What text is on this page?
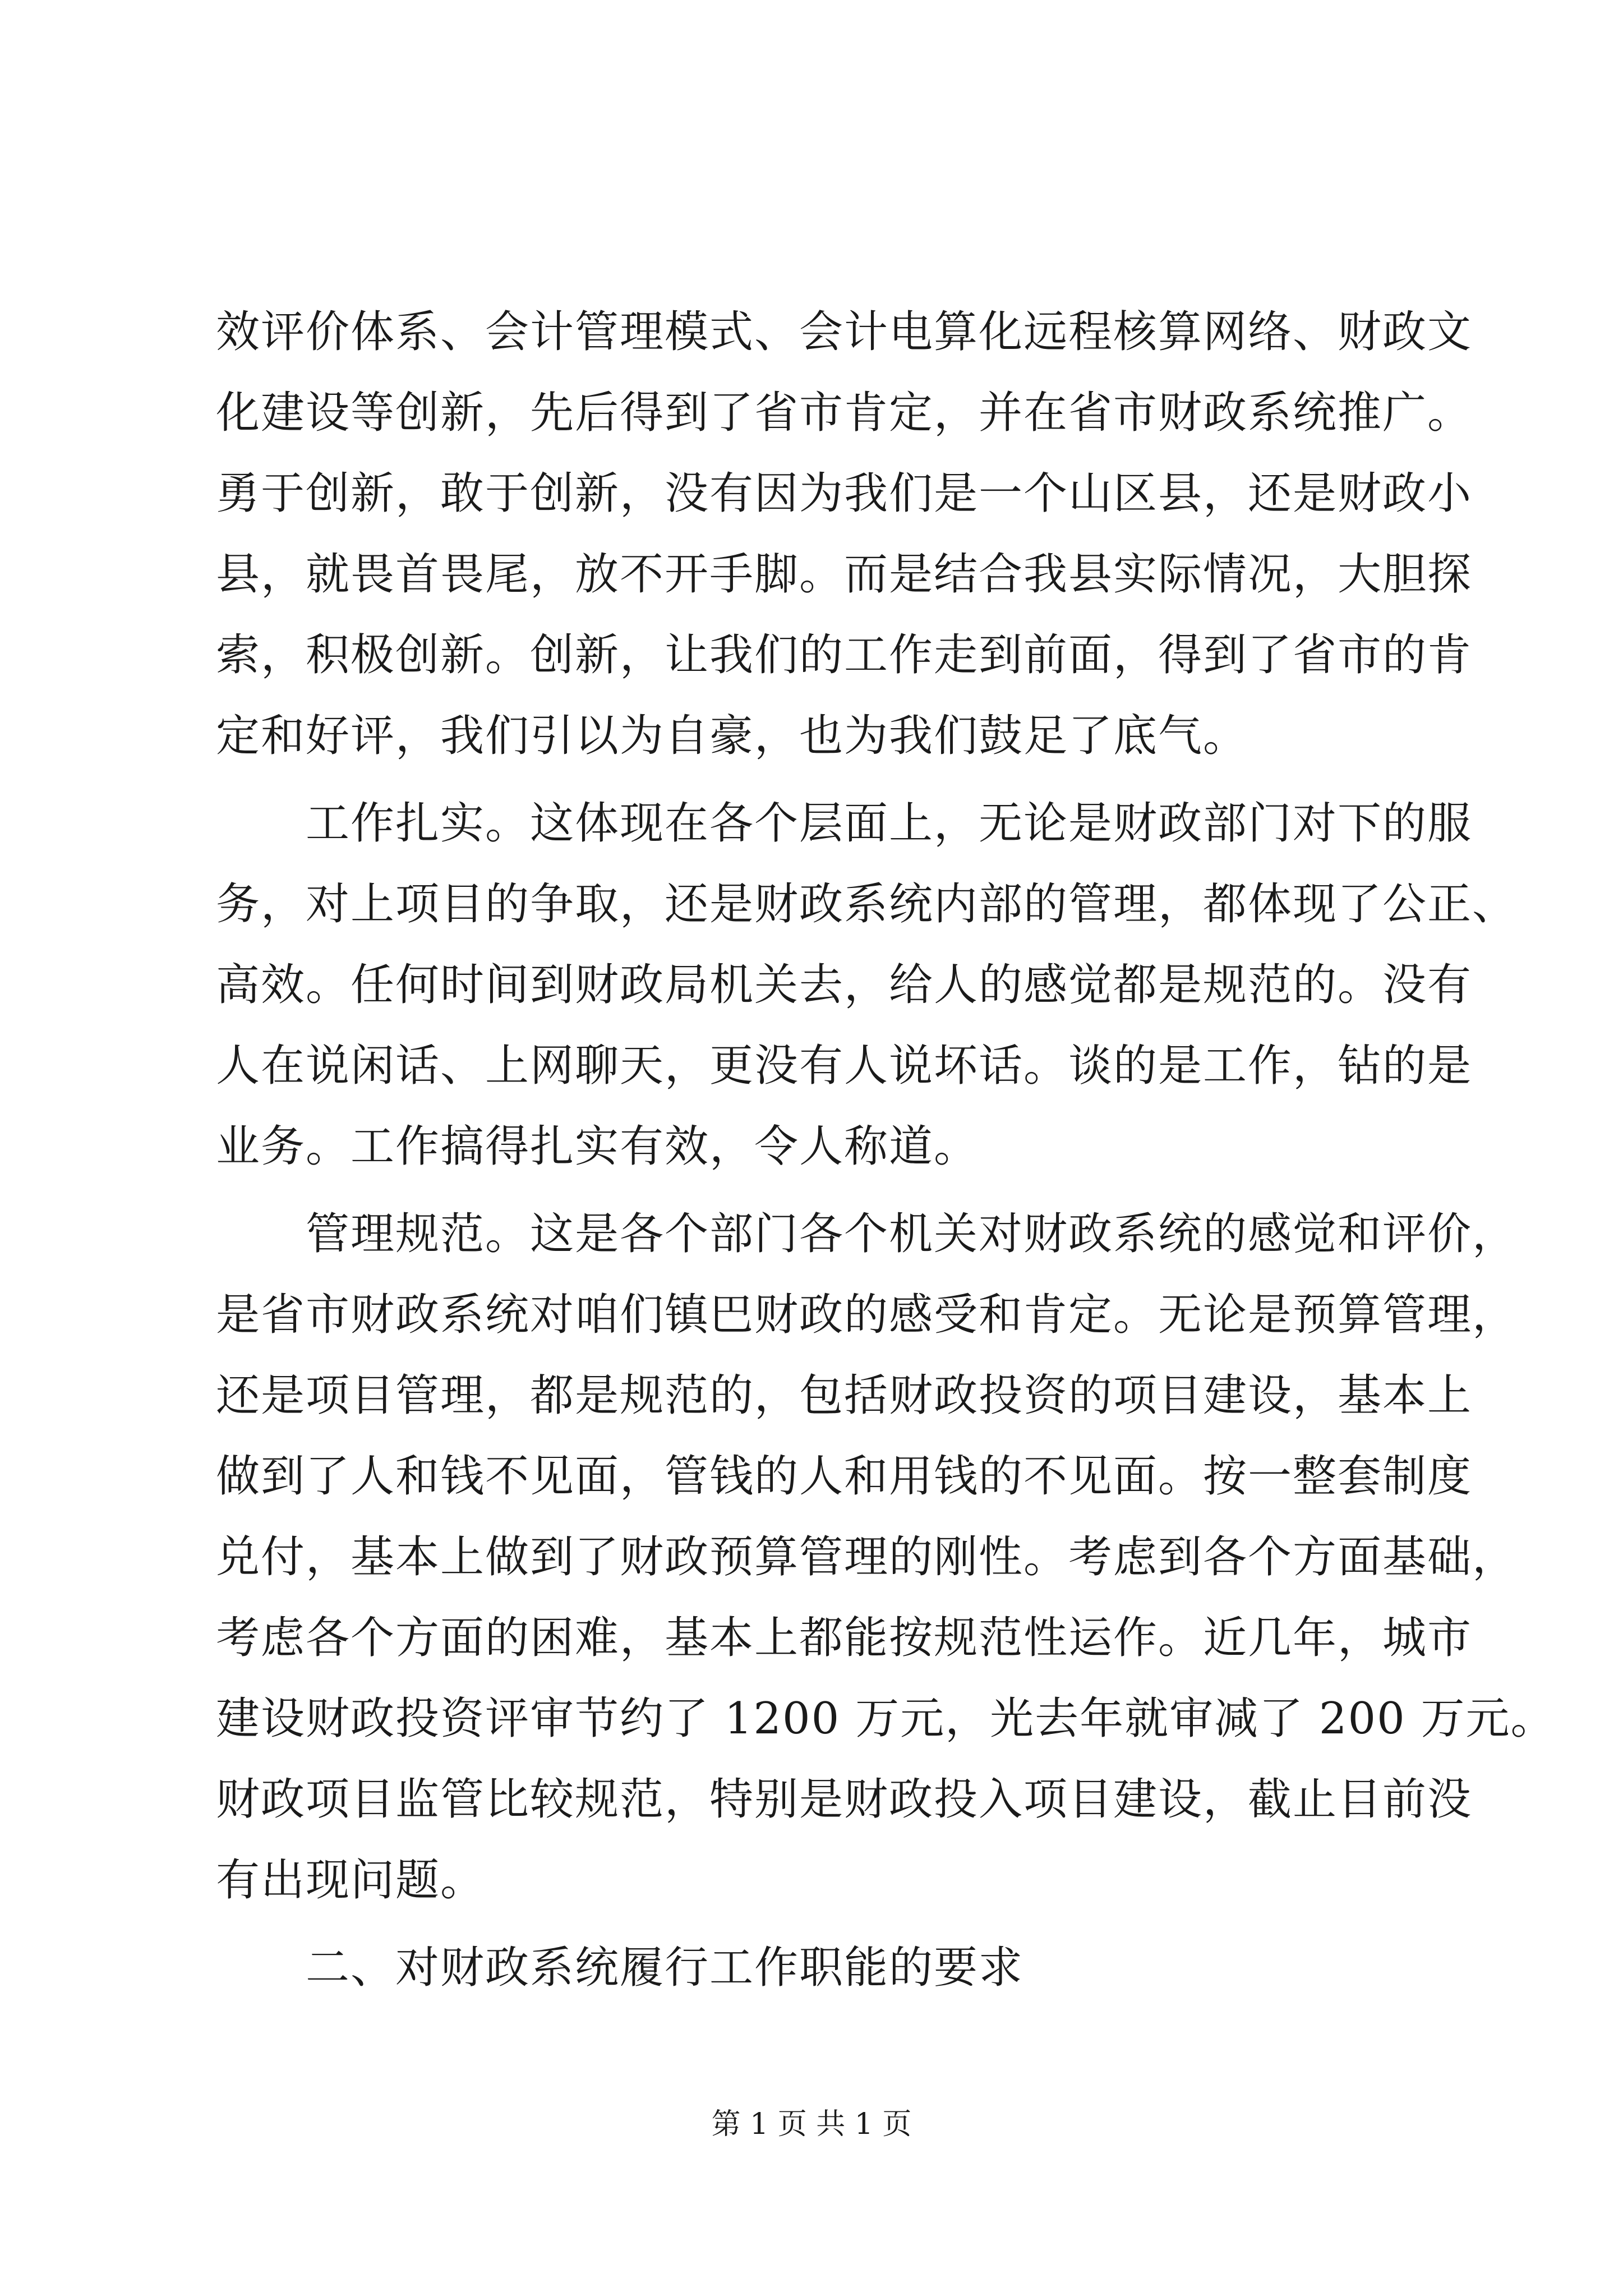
效评价体系、会计管理模式、会计电算化远程核算网络、财政文
化建设等创新，先后得到了省市肯定，并在省市财政系统推广。
勇于创新，敢于创新，没有因为我们是一个山区县，还是财政小
县，就畏首畏尾，放不开手脚。而是结合我县实际情况，大胆探
索，积极创新。创新，让我们的工作走到前面，得到了省市的肯
定和好评，我们引以为自豪，也为我们鼓足了底气。
工作扎实。这体现在各个层面上，无论是财政部门对下的服
务，对上项目的争取，还是财政系统内部的管理，都体现了公正、
高效。任何时间到财政局机关去，给人的感觉都是规范的。没有
人在说闲话、上网聊天，更没有人说坏话。谈的是工作，钻的是
业务。工作搞得扎实有效，令人称道。
管理规范。这是各个部门各个机关对财政系统的感觉和评价，
是省市财政系统对咱们镇巴财政的感受和肯定。无论是预算管理，
还是项目管理，都是规范的，包括财政投资的项目建设，基本上
做到了人和钱不见面，管钱的人和用钱的不见面。按一整套制度
兑付，基本上做到了财政预算管理的刚性。考虑到各个方面基础，
考虑各个方面的困难，基本上都能按规范性运作。近几年，城市
建设财政投资评审节约了 1200 万元，光去年就审减了 200 万元。
财政项目监管比较规范，特别是财政投入项目建设，截止目前没
有出现问题。
二、对财政系统履行工作职能的要求
第 1 页 共 1 页
